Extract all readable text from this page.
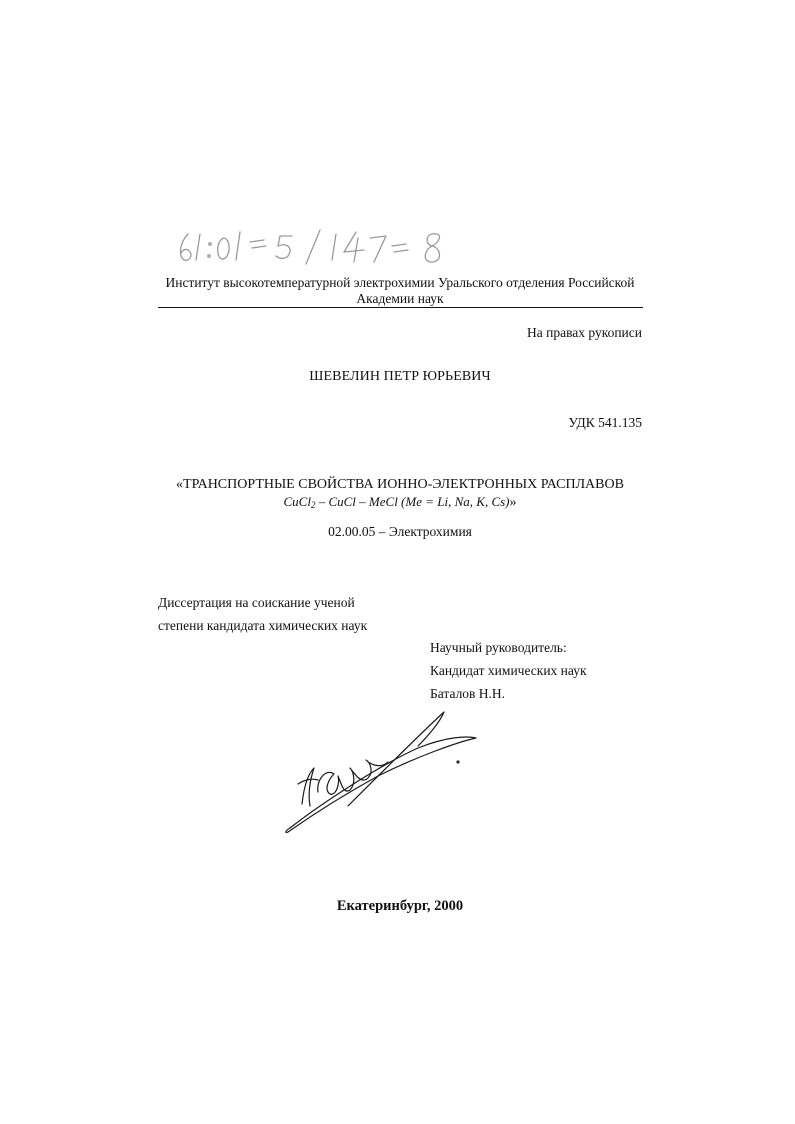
Институт высокотемпературной электрохимии Уральского отделения Российской
Академии наук
На правах рукописи
ШЕВЕЛИН ПЕТР ЮРЬЕВИЧ
УДК 541.135
«ТРАНСПОРТНЫЕ СВОЙСТВА ИОННО-ЭЛЕКТРОННЫХ РАСПЛАВОВ
CuCl$_2$ – CuCl – MeCl (Me = Li, Na, K, Cs)»
02.00.05 – Электрохимия
Диссертация на соискание ученой
степени кандидата химических наук
Научный руководитель:
Кандидат химических наук
Баталов Н.Н.
Екатеринбург, 2000
